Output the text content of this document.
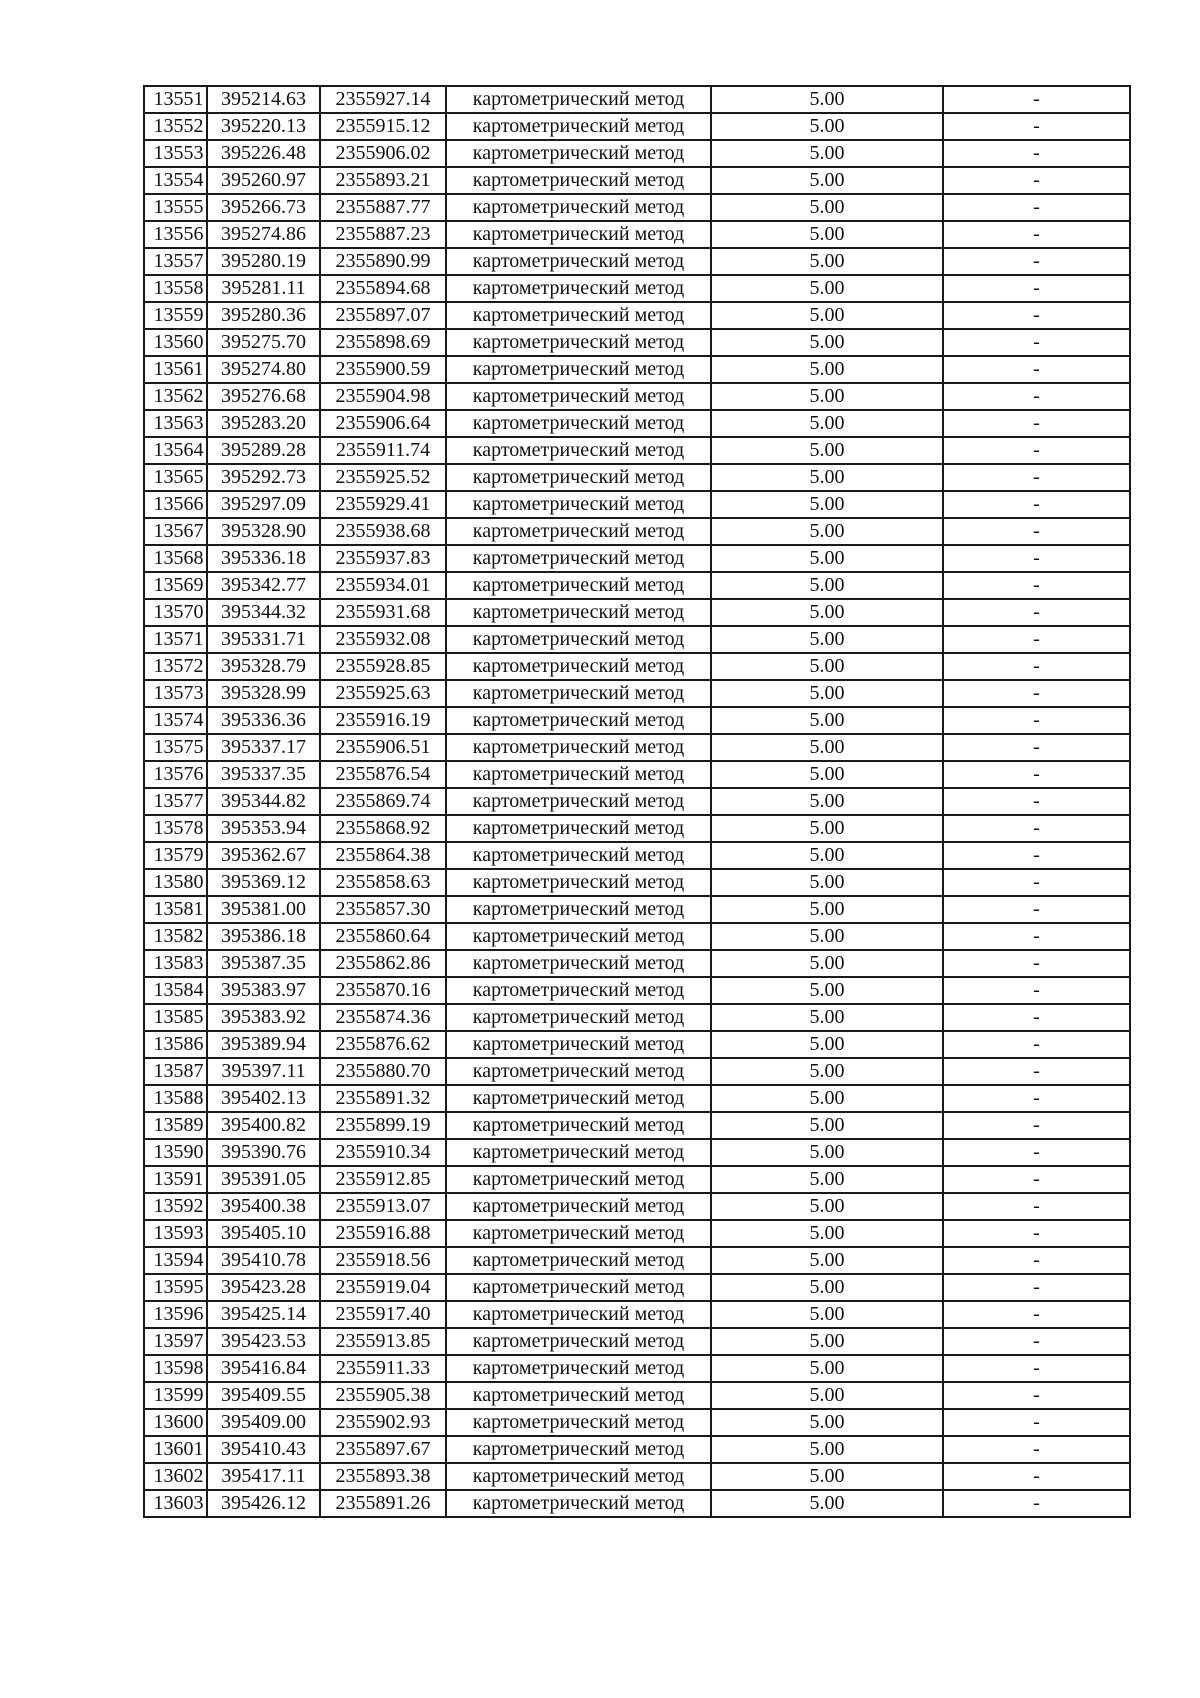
13551	395214.63	2355927.14	картометрический метод	5.00	-
13552	395220.13	2355915.12	картометрический метод	5.00	-
13553	395226.48	2355906.02	картометрический метод	5.00	-
13554	395260.97	2355893.21	картометрический метод	5.00	-
13555	395266.73	2355887.77	картометрический метод	5.00	-
13556	395274.86	2355887.23	картометрический метод	5.00	-
13557	395280.19	2355890.99	картометрический метод	5.00	-
13558	395281.11	2355894.68	картометрический метод	5.00	-
13559	395280.36	2355897.07	картометрический метод	5.00	-
13560	395275.70	2355898.69	картометрический метод	5.00	-
13561	395274.80	2355900.59	картометрический метод	5.00	-
13562	395276.68	2355904.98	картометрический метод	5.00	-
13563	395283.20	2355906.64	картометрический метод	5.00	-
13564	395289.28	2355911.74	картометрический метод	5.00	-
13565	395292.73	2355925.52	картометрический метод	5.00	-
13566	395297.09	2355929.41	картометрический метод	5.00	-
13567	395328.90	2355938.68	картометрический метод	5.00	-
13568	395336.18	2355937.83	картометрический метод	5.00	-
13569	395342.77	2355934.01	картометрический метод	5.00	-
13570	395344.32	2355931.68	картометрический метод	5.00	-
13571	395331.71	2355932.08	картометрический метод	5.00	-
13572	395328.79	2355928.85	картометрический метод	5.00	-
13573	395328.99	2355925.63	картометрический метод	5.00	-
13574	395336.36	2355916.19	картометрический метод	5.00	-
13575	395337.17	2355906.51	картометрический метод	5.00	-
13576	395337.35	2355876.54	картометрический метод	5.00	-
13577	395344.82	2355869.74	картометрический метод	5.00	-
13578	395353.94	2355868.92	картометрический метод	5.00	-
13579	395362.67	2355864.38	картометрический метод	5.00	-
13580	395369.12	2355858.63	картометрический метод	5.00	-
13581	395381.00	2355857.30	картометрический метод	5.00	-
13582	395386.18	2355860.64	картометрический метод	5.00	-
13583	395387.35	2355862.86	картометрический метод	5.00	-
13584	395383.97	2355870.16	картометрический метод	5.00	-
13585	395383.92	2355874.36	картометрический метод	5.00	-
13586	395389.94	2355876.62	картометрический метод	5.00	-
13587	395397.11	2355880.70	картометрический метод	5.00	-
13588	395402.13	2355891.32	картометрический метод	5.00	-
13589	395400.82	2355899.19	картометрический метод	5.00	-
13590	395390.76	2355910.34	картометрический метод	5.00	-
13591	395391.05	2355912.85	картометрический метод	5.00	-
13592	395400.38	2355913.07	картометрический метод	5.00	-
13593	395405.10	2355916.88	картометрический метод	5.00	-
13594	395410.78	2355918.56	картометрический метод	5.00	-
13595	395423.28	2355919.04	картометрический метод	5.00	-
13596	395425.14	2355917.40	картометрический метод	5.00	-
13597	395423.53	2355913.85	картометрический метод	5.00	-
13598	395416.84	2355911.33	картометрический метод	5.00	-
13599	395409.55	2355905.38	картометрический метод	5.00	-
13600	395409.00	2355902.93	картометрический метод	5.00	-
13601	395410.43	2355897.67	картометрический метод	5.00	-
13602	395417.11	2355893.38	картометрический метод	5.00	-
13603	395426.12	2355891.26	картометрический метод	5.00	-
